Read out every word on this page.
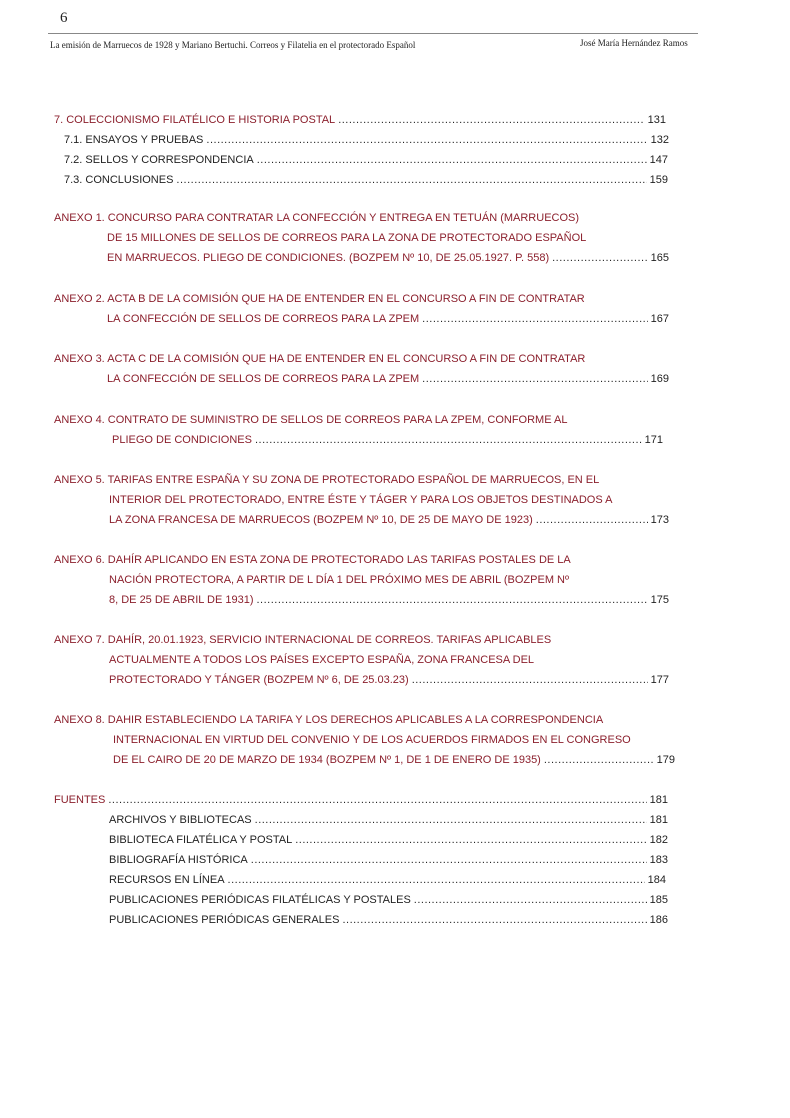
6
La emisión de Marruecos de 1928 y Mariano Bertuchi. Correos y Filatelia en el protectorado Español	José María Hernández Ramos
7. COLECCIONISMO FILATÉLICO E HISTORIA POSTAL .....	131
7.1. ENSAYOS Y PRUEBAS .....	132
7.2. SELLOS Y CORRESPONDENCIA .....	147
7.3. CONCLUSIONES .....	159
ANEXO 1. CONCURSO PARA CONTRATAR LA CONFECCIÓN Y ENTREGA EN TETUÁN (MARRUECOS)
DE 15 MILLONES DE SELLOS DE CORREOS PARA LA ZONA DE PROTECTORADO ESPAÑOL
EN MARRUECOS. PLIEGO DE CONDICIONES. (BOZPEM Nº 10, DE 25.05.1927. P. 558) .....	165
ANEXO 2. ACTA B DE LA COMISIÓN QUE HA DE ENTENDER EN EL CONCURSO A FIN DE CONTRATAR
LA CONFECCIÓN DE SELLOS DE CORREOS PARA LA ZPEM .....	167
ANEXO 3. ACTA C DE LA COMISIÓN QUE HA DE ENTENDER EN EL CONCURSO A FIN DE CONTRATAR
LA CONFECCIÓN DE SELLOS DE CORREOS PARA LA ZPEM .....	169
ANEXO 4. CONTRATO DE SUMINISTRO DE SELLOS DE CORREOS PARA LA ZPEM, CONFORME AL
PLIEGO DE CONDICIONES .....	171
ANEXO 5. TARIFAS ENTRE ESPAÑA Y SU ZONA DE PROTECTORADO ESPAÑOL DE MARRUECOS, EN EL
INTERIOR DEL PROTECTORADO, ENTRE ÉSTE Y TÁGER Y PARA LOS OBJETOS DESTINADOS A
LA ZONA FRANCESA DE MARRUECOS (BOZPEM Nº 10, DE 25 DE MAYO DE 1923) .....	173
ANEXO 6. DAHÍR APLICANDO EN ESTA ZONA DE PROTECTORADO LAS TARIFAS POSTALES DE LA
NACIÓN PROTECTORA, A PARTIR DE L DÍA 1 DEL PRÓXIMO MES DE ABRIL (BOZPEM Nº
8, DE 25 DE ABRIL DE 1931) .....	175
ANEXO 7. DAHÍR, 20.01.1923, SERVICIO INTERNACIONAL DE CORREOS. TARIFAS APLICABLES
ACTUALMENTE A TODOS LOS PAÍSES EXCEPTO ESPAÑA, ZONA FRANCESA DEL
PROTECTORADO Y TÁNGER (BOZPEM Nº 6, DE 25.03.23) .....	177
ANEXO 8. DAHIR ESTABLECIENDO LA TARIFA Y LOS DERECHOS APLICABLES A LA CORRESPONDENCIA
INTERNACIONAL EN VIRTUD DEL CONVENIO Y DE LOS ACUERDOS FIRMADOS EN EL CONGRESO
DE EL CAIRO DE 20 DE MARZO DE 1934 (BOZPEM Nº 1, DE 1 DE ENERO DE 1935) .....	179
FUENTES .....	181
ARCHIVOS Y BIBLIOTECAS .....	181
BIBLIOTECA FILATÉLICA Y POSTAL .....	182
BIBLIOGRAFÍA HISTÓRICA .....	183
RECURSOS EN LÍNEA .....	184
PUBLICACIONES PERIÓDICAS FILATÉLICAS Y POSTALES .....	185
PUBLICACIONES PERIÓDICAS GENERALES .....	186
